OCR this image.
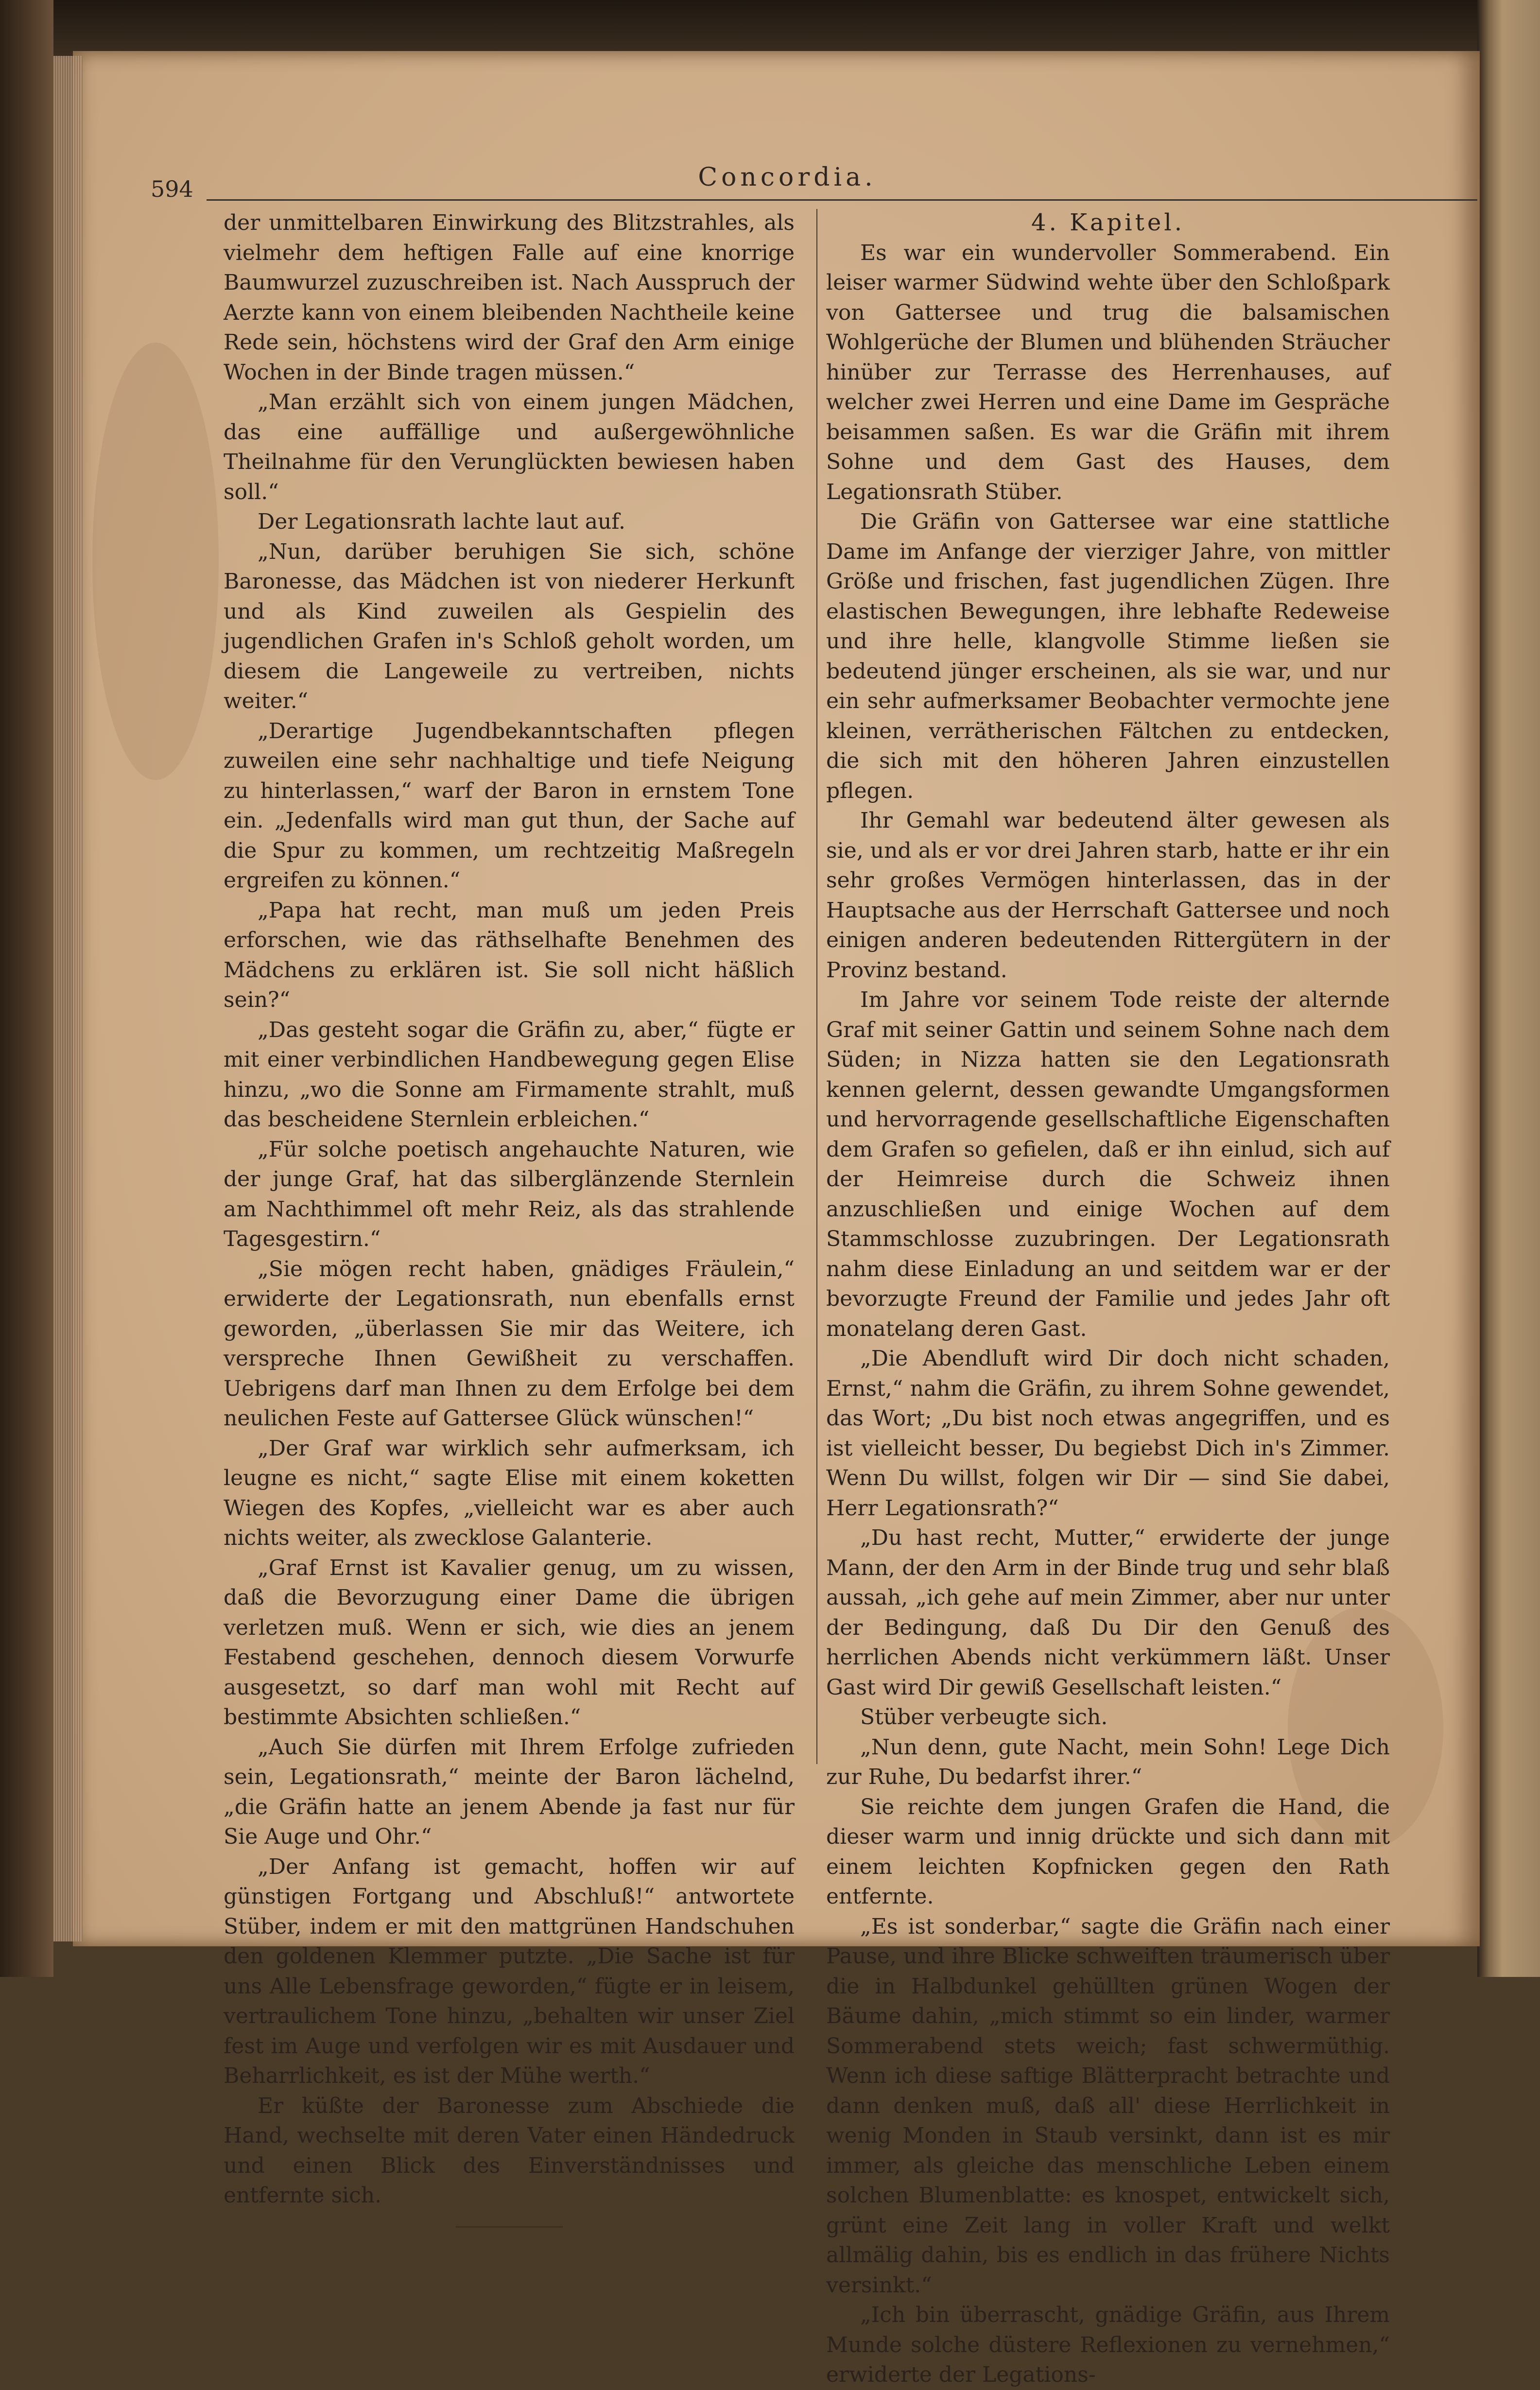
594	Concordia.

der unmittelbaren Einwirkung des Blitzstrahles, als vielmehr dem heftigen Falle auf eine knorrige Baumwurzel zuzuschreiben ist. Nach Ausspruch der Aerzte kann von einem bleibenden Nachtheile keine Rede sein, höchstens wird der Graf den Arm einige Wochen in der Binde tragen müssen.“

„Man erzählt sich von einem jungen Mädchen, das eine auffällige und außergewöhnliche Theilnahme für den Verunglückten bewiesen haben soll.“

Der Legationsrath lachte laut auf.

„Nun, darüber beruhigen Sie sich, schöne Baronesse, das Mädchen ist von niederer Herkunft und als Kind zuweilen als Gespielin des jugendlichen Grafen in's Schloß geholt worden, um diesem die Langeweile zu vertreiben, nichts weiter.“

„Derartige Jugendbekanntschaften pflegen zuweilen eine sehr nachhaltige und tiefe Neigung zu hinterlassen,“ warf der Baron in ernstem Tone ein. „Jedenfalls wird man gut thun, der Sache auf die Spur zu kommen, um rechtzeitig Maßregeln ergreifen zu können.“

„Papa hat recht, man muß um jeden Preis erforschen, wie das räthselhafte Benehmen des Mädchens zu erklären ist. Sie soll nicht häßlich sein?“

„Das gesteht sogar die Gräfin zu, aber,“ fügte er mit einer verbindlichen Handbewegung gegen Elise hinzu, „wo die Sonne am Firmamente strahlt, muß das bescheidene Sternlein erbleichen.“

„Für solche poetisch angehauchte Naturen, wie der junge Graf, hat das silberglänzende Sternlein am Nachthimmel oft mehr Reiz, als das strahlende Tagesgestirn.“

„Sie mögen recht haben, gnädiges Fräulein,“ erwiderte der Legationsrath, nun ebenfalls ernst geworden, „überlassen Sie mir das Weitere, ich verspreche Ihnen Gewißheit zu verschaffen. Uebrigens darf man Ihnen zu dem Erfolge bei dem neulichen Feste auf Gattersee Glück wünschen!“

„Der Graf war wirklich sehr aufmerksam, ich leugne es nicht,“ sagte Elise mit einem koketten Wiegen des Kopfes, „vielleicht war es aber auch nichts weiter, als zwecklose Galanterie.

„Graf Ernst ist Kavalier genug, um zu wissen, daß die Bevorzugung einer Dame die übrigen verletzen muß. Wenn er sich, wie dies an jenem Festabend geschehen, dennoch diesem Vorwurfe ausgesetzt, so darf man wohl mit Recht auf bestimmte Absichten schließen.“

„Auch Sie dürfen mit Ihrem Erfolge zufrieden sein, Legationsrath,“ meinte der Baron lächelnd, „die Gräfin hatte an jenem Abende ja fast nur für Sie Auge und Ohr.“

„Der Anfang ist gemacht, hoffen wir auf günstigen Fortgang und Abschluß!“ antwortete Stüber, indem er mit den mattgrünen Handschuhen den goldenen Klemmer putzte. „Die Sache ist für uns Alle Lebensfrage geworden,“ fügte er in leisem, vertraulichem Tone hinzu, „behalten wir unser Ziel fest im Auge und verfolgen wir es mit Ausdauer und Beharrlichkeit, es ist der Mühe werth.“

Er küßte der Baronesse zum Abschiede die Hand, wechselte mit deren Vater einen Händedruck und einen Blick des Einverständnisses und entfernte sich.

4. Kapitel.

Es war ein wundervoller Sommerabend. Ein leiser warmer Südwind wehte über den Schloßpark von Gattersee und trug die balsamischen Wohlgerüche der Blumen und blühenden Sträucher hinüber zur Terrasse des Herrenhauses, auf welcher zwei Herren und eine Dame im Gespräche beisammen saßen. Es war die Gräfin mit ihrem Sohne und dem Gast des Hauses, dem Legationsrath Stüber.

Die Gräfin von Gattersee war eine stattliche Dame im Anfange der vierziger Jahre, von mittler Größe und frischen, fast jugendlichen Zügen. Ihre elastischen Bewegungen, ihre lebhafte Redeweise und ihre helle, klangvolle Stimme ließen sie bedeutend jünger erscheinen, als sie war, und nur ein sehr aufmerksamer Beobachter vermochte jene kleinen, verrätherischen Fältchen zu entdecken, die sich mit den höheren Jahren einzustellen pflegen.

Ihr Gemahl war bedeutend älter gewesen als sie, und als er vor drei Jahren starb, hatte er ihr ein sehr großes Vermögen hinterlassen, das in der Hauptsache aus der Herrschaft Gattersee und noch einigen anderen bedeutenden Rittergütern in der Provinz bestand.

Im Jahre vor seinem Tode reiste der alternde Graf mit seiner Gattin und seinem Sohne nach dem Süden; in Nizza hatten sie den Legationsrath kennen gelernt, dessen gewandte Umgangsformen und hervorragende gesellschaftliche Eigenschaften dem Grafen so gefielen, daß er ihn einlud, sich auf der Heimreise durch die Schweiz ihnen anzuschließen und einige Wochen auf dem Stammschlosse zuzubringen. Der Legationsrath nahm diese Einladung an und seitdem war er der bevorzugte Freund der Familie und jedes Jahr oft monatelang deren Gast.

„Die Abendluft wird Dir doch nicht schaden, Ernst,“ nahm die Gräfin, zu ihrem Sohne gewendet, das Wort; „Du bist noch etwas angegriffen, und es ist vielleicht besser, Du begiebst Dich in's Zimmer. Wenn Du willst, folgen wir Dir — sind Sie dabei, Herr Legationsrath?“

„Du hast recht, Mutter,“ erwiderte der junge Mann, der den Arm in der Binde trug und sehr blaß aussah, „ich gehe auf mein Zimmer, aber nur unter der Bedingung, daß Du Dir den Genuß des herrlichen Abends nicht verkümmern läßt. Unser Gast wird Dir gewiß Gesellschaft leisten.“

Stüber verbeugte sich.

„Nun denn, gute Nacht, mein Sohn! Lege Dich zur Ruhe, Du bedarfst ihrer.“

Sie reichte dem jungen Grafen die Hand, die dieser warm und innig drückte und sich dann mit einem leichten Kopfnicken gegen den Rath entfernte.

„Es ist sonderbar,“ sagte die Gräfin nach einer Pause, und ihre Blicke schweiften träumerisch über die in Halbdunkel gehüllten grünen Wogen der Bäume dahin, „mich stimmt so ein linder, warmer Sommerabend stets weich; fast schwermüthig. Wenn ich diese saftige Blätterpracht betrachte und dann denken muß, daß all' diese Herrlichkeit in wenig Monden in Staub versinkt, dann ist es mir immer, als gleiche das menschliche Leben einem solchen Blumenblatte: es knospet, entwickelt sich, grünt eine Zeit lang in voller Kraft und welkt allmälig dahin, bis es endlich in das frühere Nichts versinkt.“

„Ich bin überrascht, gnädige Gräfin, aus Ihrem Munde solche düstere Reflexionen zu vernehmen,“ erwiderte der Legations-
